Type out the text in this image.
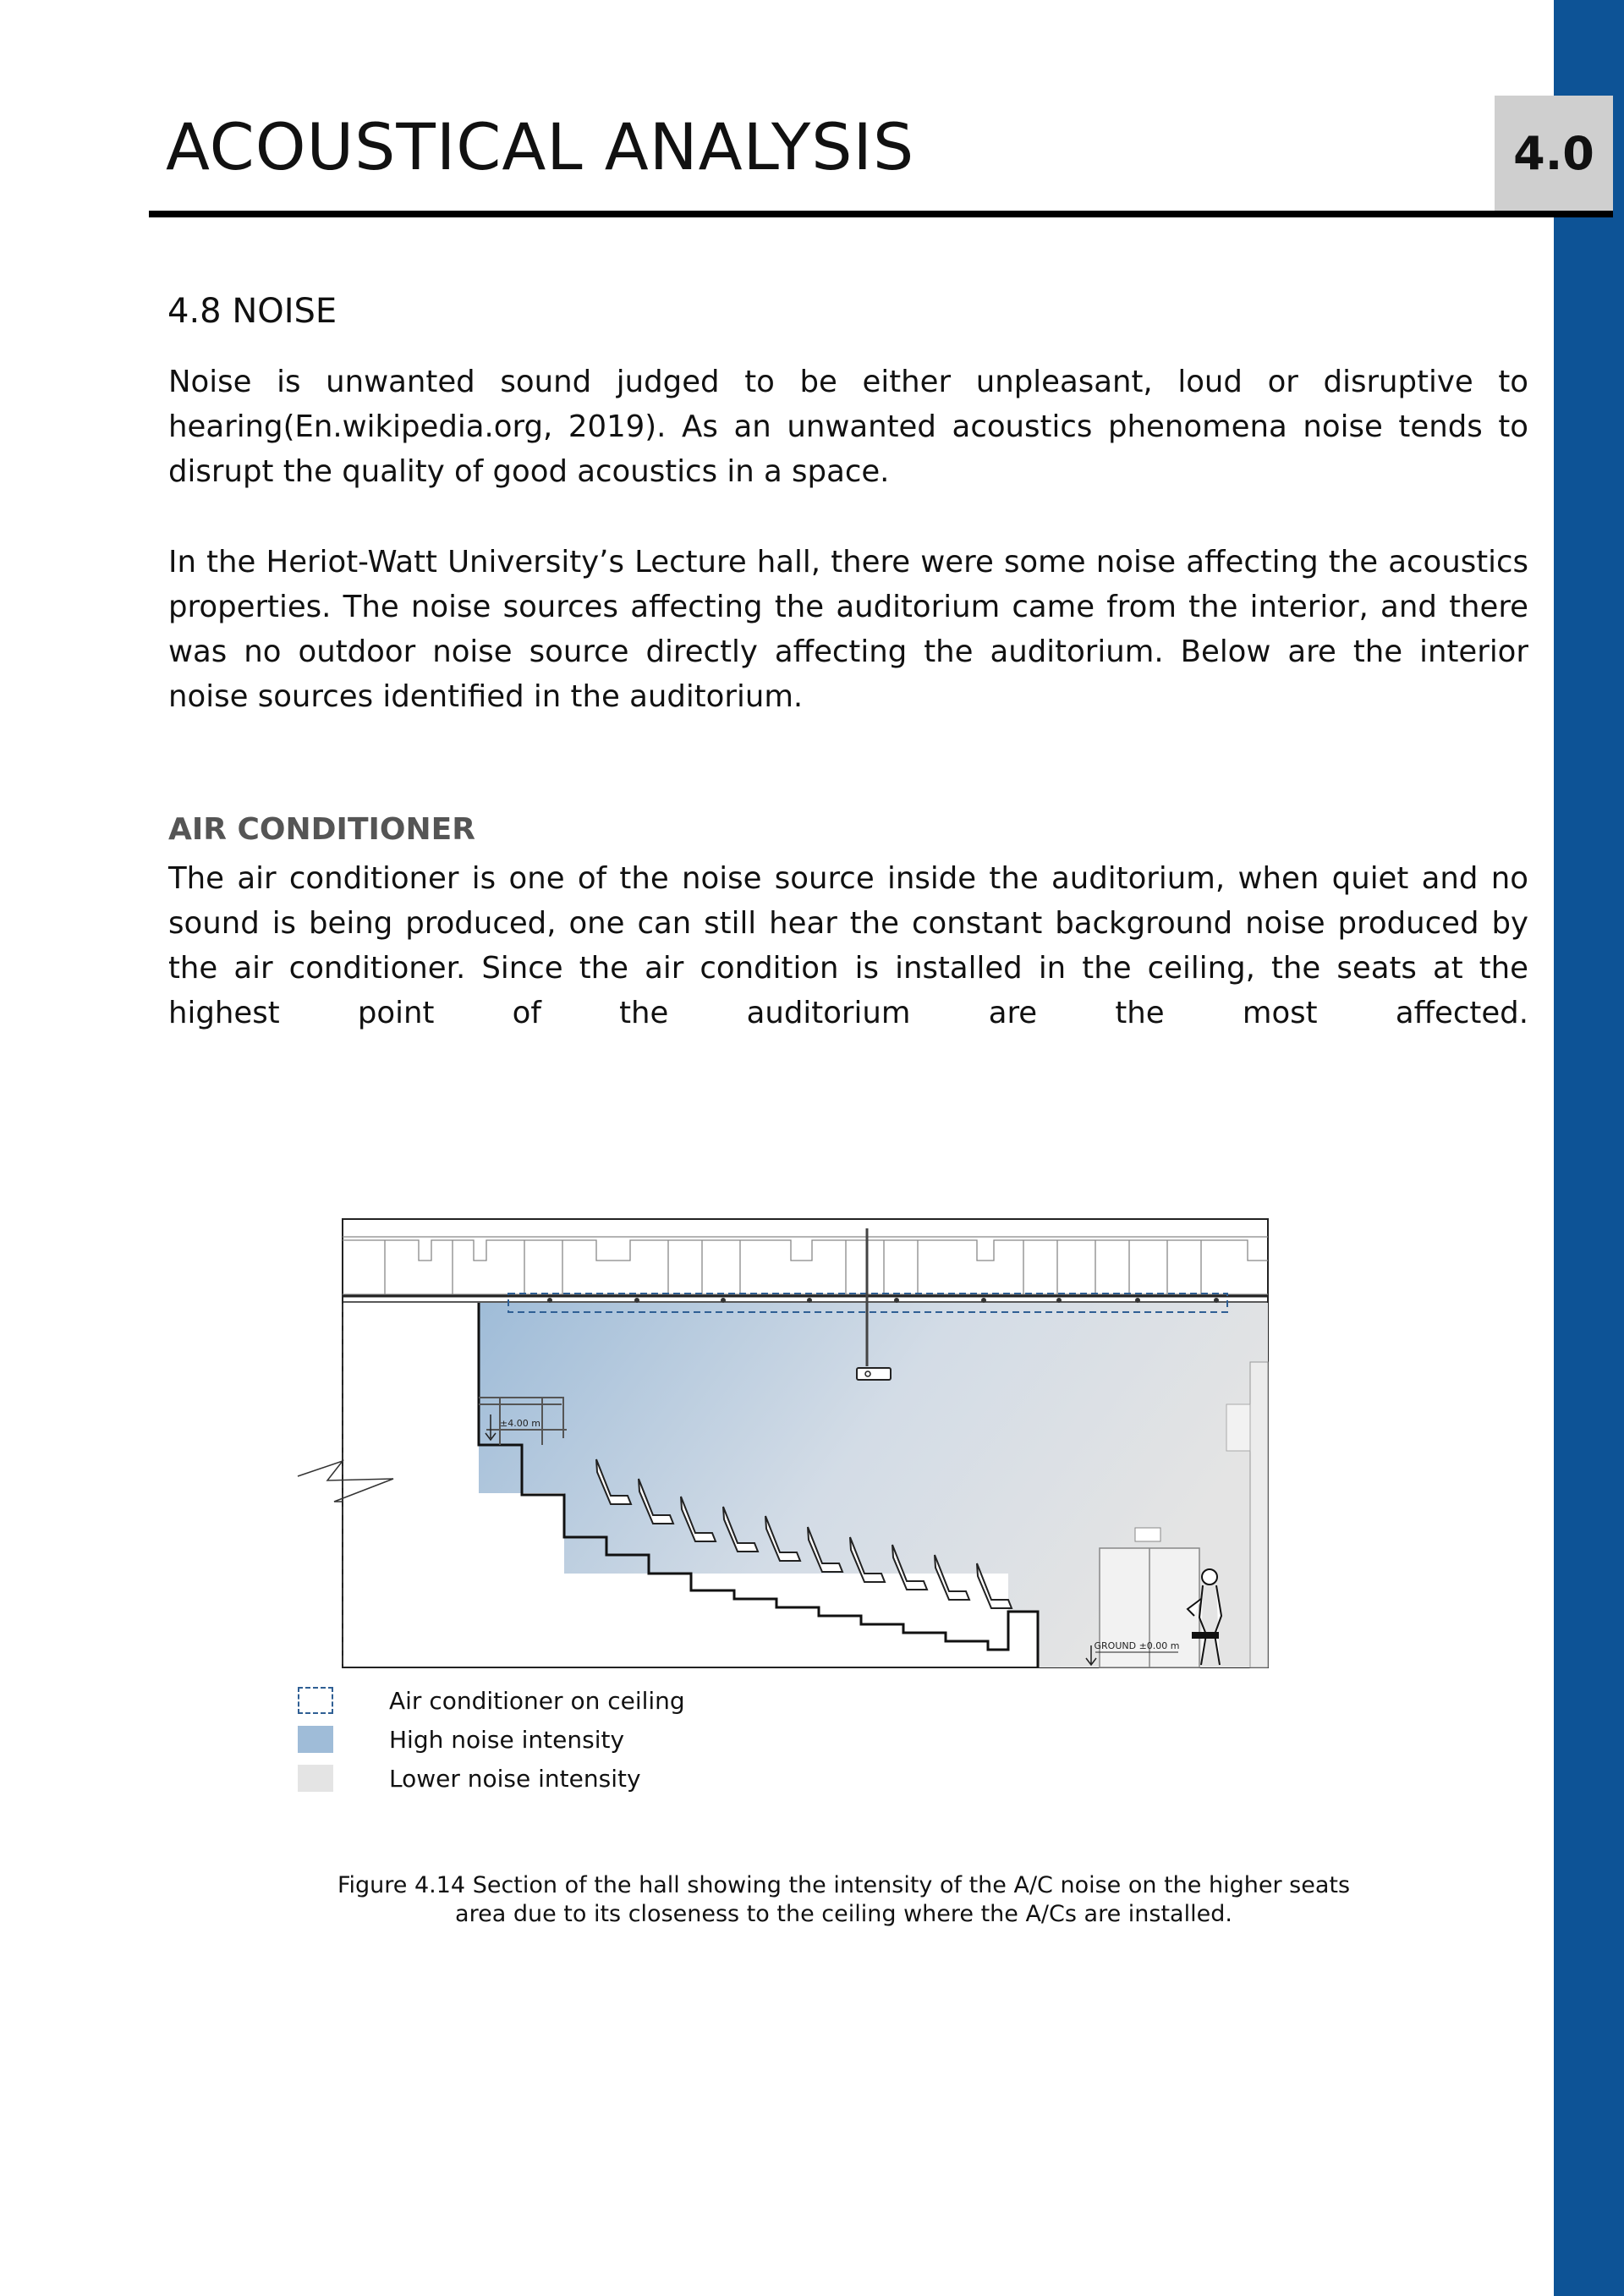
4.0
ACOUSTICAL ANALYSIS
4.8 NOISE

Noise is unwanted sound judged to be either unpleasant, loud or disruptive to hearing(En.wikipedia.org, 2019). As an unwanted acoustics phenomena noise tends to disrupt the quality of good acoustics in a space.

In the Heriot-Watt University’s Lecture hall, there were some noise affecting the acoustics properties. The noise sources affecting the auditorium came from the interior, and there was no outdoor noise source directly affecting the auditorium. Below are the interior noise sources identified in the auditorium.

AIR CONDITIONER

The air conditioner is one of the noise source inside the auditorium, when quiet and no sound is being produced, one can still hear the constant background noise produced by the air conditioner. Since the air condition is installed in the ceiling, the seats at the highest point of the auditorium are the most affected.

±4.00 m
GROUND ±0.00 m
Air conditioner on ceiling
High noise intensity
Lower noise intensity

Figure 4.14 Section of the hall showing the intensity of the A/C noise on the higher seats
area due to its closeness to the ceiling where the A/Cs are installed.
